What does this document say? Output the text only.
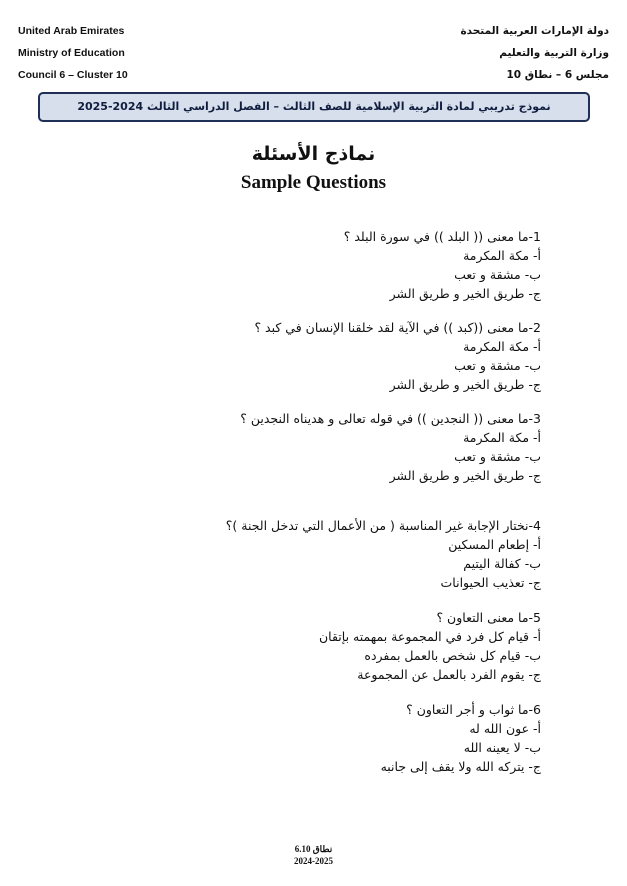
United Arab Emirates
Ministry of Education
Council 6 – Cluster 10
دولة الإمارات العربية المتحدة
وزارة التربية والتعليم
مجلس 6 – نطاق 10
نموذج تدريبي لمادة التربية الإسلامية للصف الثالث – الفصل الدراسي الثالث 2024-2025
نماذج الأسئلة
Sample Questions
1-ما معنى (( البلد )) في سورة البلد ؟
أ- مكة المكرمة
ب- مشقة و تعب
ج- طريق الخير و طريق الشر
2-ما معنى ((كبد )) في الآية لقد خلقنا الإنسان في كبد ؟
أ- مكة المكرمة
ب- مشقة و تعب
ج- طريق الخير و طريق الشر
3-ما معنى (( النجدين )) في قوله تعالى و هديناه النجدين ؟
أ- مكة المكرمة
ب- مشقة و تعب
ج- طريق الخير و طريق الشر
4-نختار الإجابة غير المناسبة ( من الأعمال التي تدخل الجنة )؟
أ- إطعام المسكين
ب- كفالة اليتيم
ج- تعذيب الحيوانات
5-ما معنى التعاون ؟
أ- قيام كل فرد في المجموعة بمهمته بإتقان
ب- قيام كل شخص بالعمل بمفرده
ج- يقوم الفرد بالعمل عن المجموعة
6-ما ثواب و أجر التعاون ؟
أ- عون الله له
ب- لا يعينه الله
ج- يتركه الله ولا يقف إلى جانبه
نطاق 6.10
2024-2025
